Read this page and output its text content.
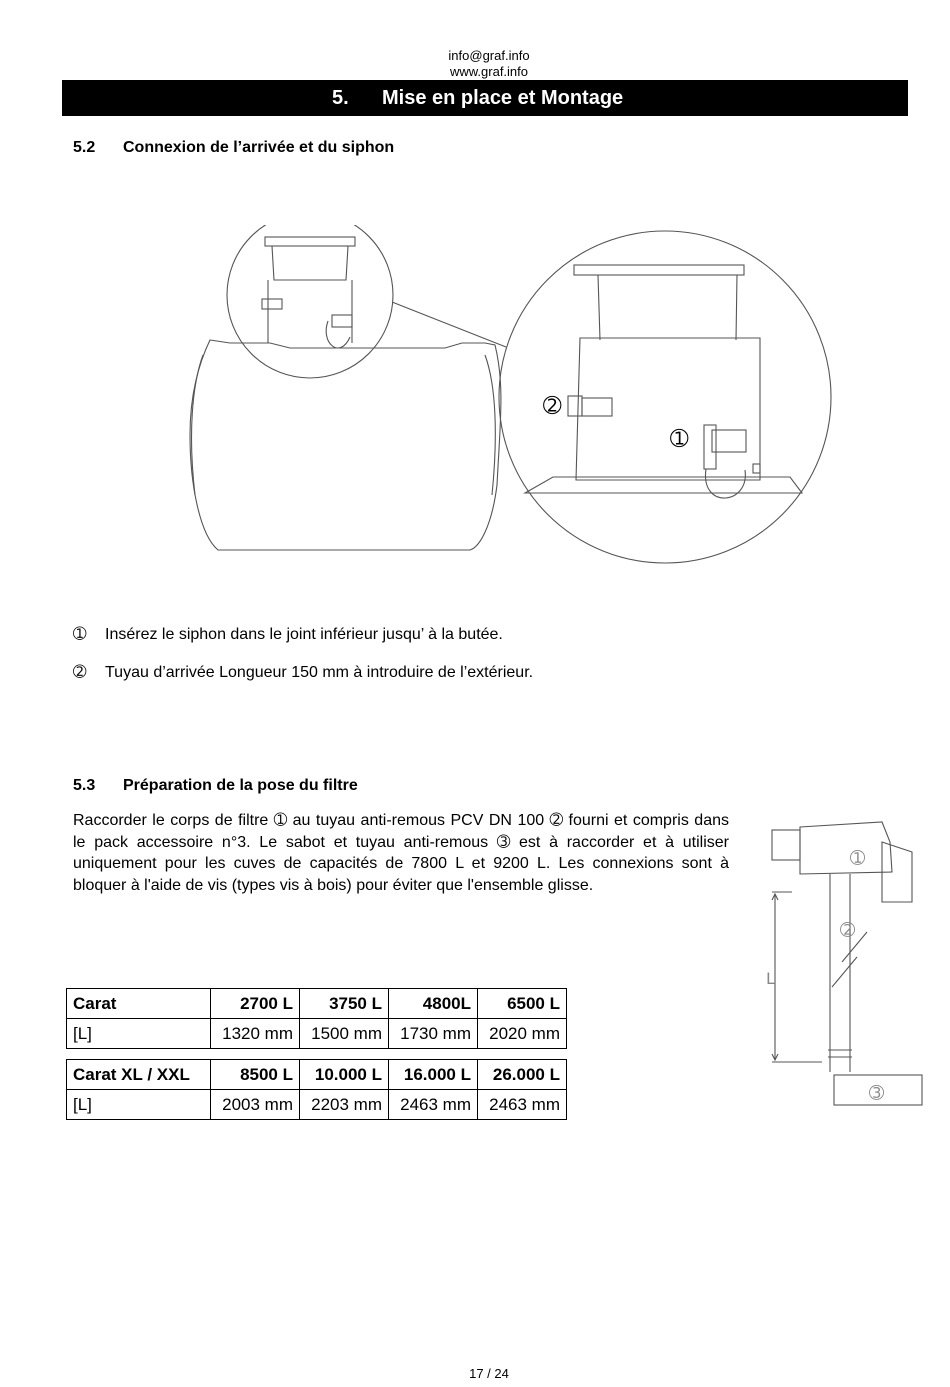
info@graf.info
www.graf.info
5. Mise en place et Montage
5.2 Connexion de l’arrivée et du siphon
➁
➀
➀ Insérez le siphon dans le joint inférieur jusqu’ à la butée.
➁ Tuyau d’arrivée Longueur 150 mm à introduire de l’extérieur.
5.3 Préparation de la pose du filtre
Raccorder le corps de filtre ➀ au tuyau anti-remous PCV DN 100 ➁ fourni et compris dans le pack accessoire n°3. Le sabot et tuyau anti-remous ➂ est à raccorder et à utiliser uniquement pour les cuves de capacités de 7800 L et 9200 L. Les connexions sont à bloquer à l'aide de vis (types vis à bois) pour éviter que l'ensemble glisse.
➀
➁
➂
L
Carat	2700 L	3750 L	4800L	6500 L
[L]	1320 mm	1500 mm	1730 mm	2020 mm
Carat XL / XXL	8500 L	10.000 L	16.000 L	26.000 L
[L]	2003 mm	2203 mm	2463 mm	2463 mm
17 / 24
